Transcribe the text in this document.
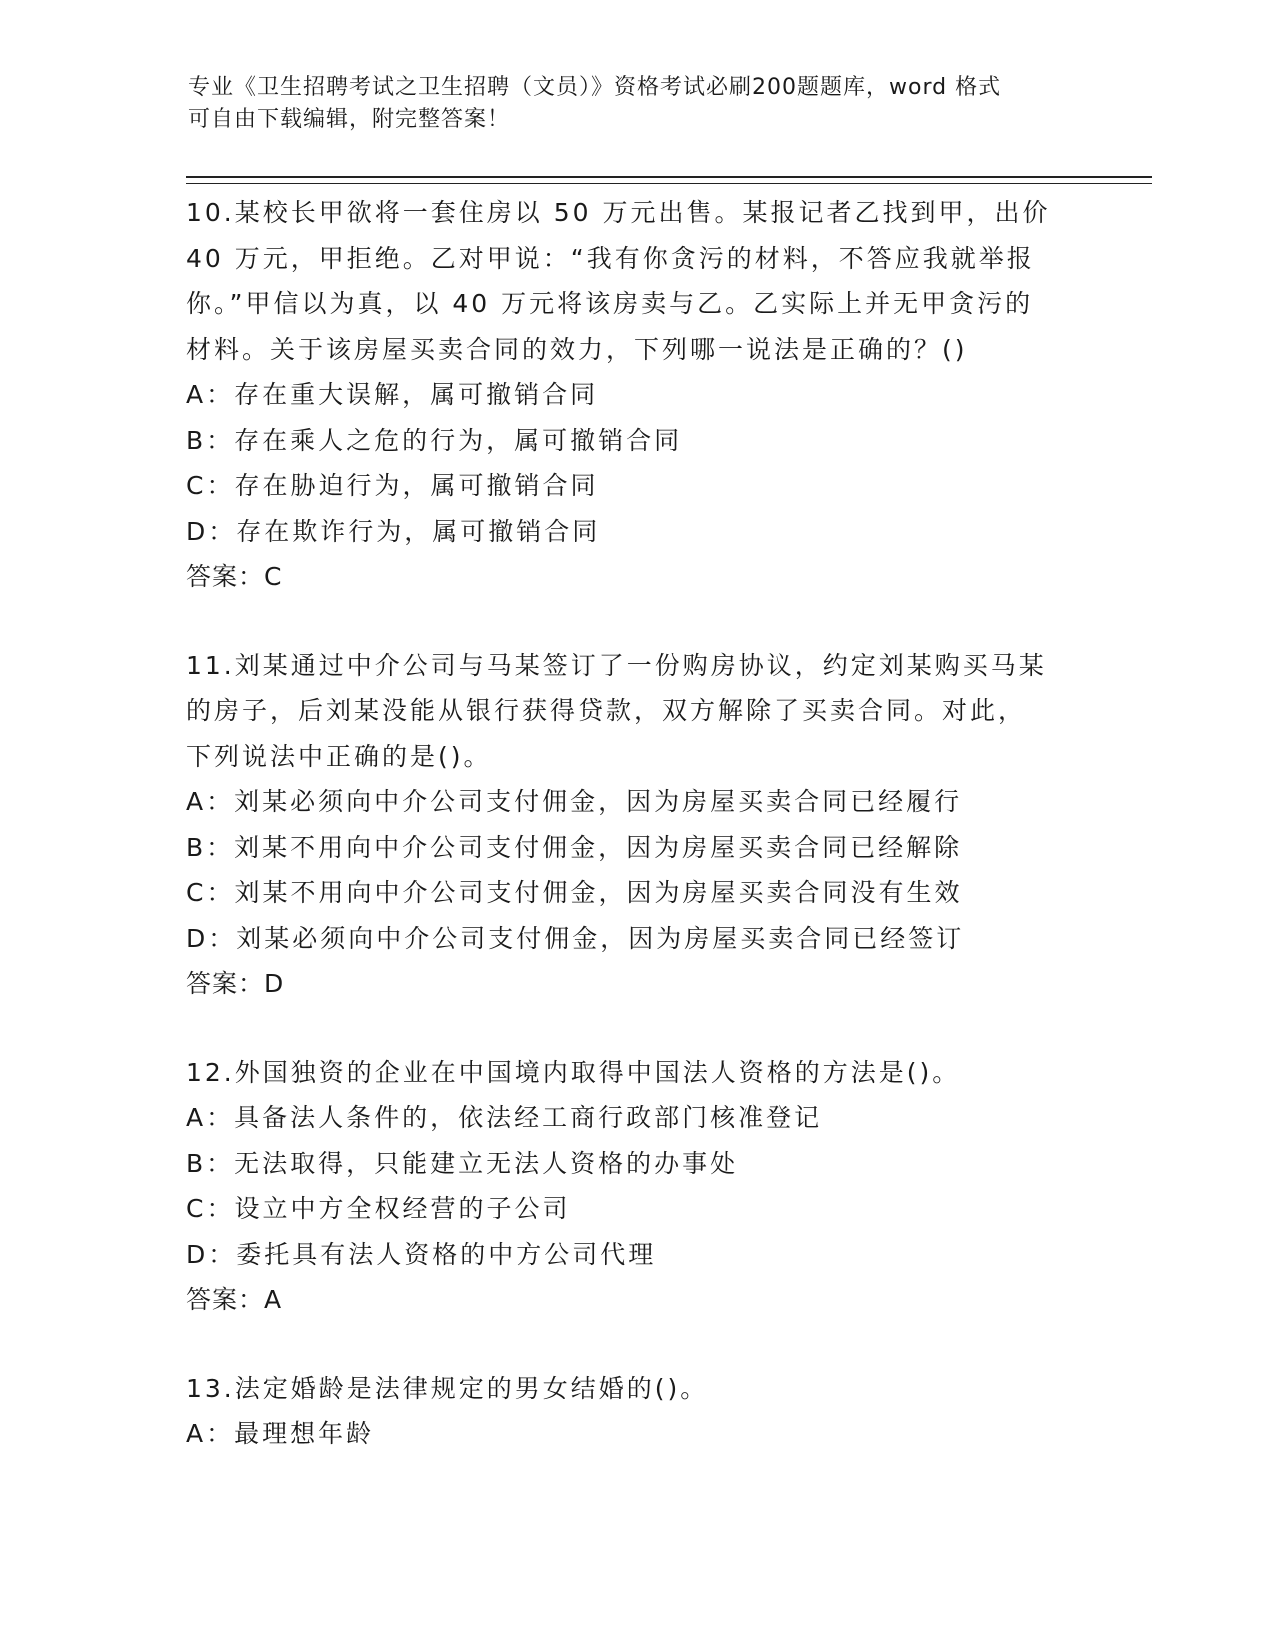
专业《卫生招聘考试之卫生招聘（文员）》资格考试必刷200题题库，word 格式
可自由下载编辑，附完整答案！
10.某校长甲欲将一套住房以 50 万元出售。某报记者乙找到甲，出价
40 万元，甲拒绝。乙对甲说：“我有你贪污的材料，不答应我就举报
你。”甲信以为真，以 40 万元将该房卖与乙。乙实际上并无甲贪污的
材料。关于该房屋买卖合同的效力，下列哪一说法是正确的？()
A：存在重大误解，属可撤销合同
B：存在乘人之危的行为，属可撤销合同
C：存在胁迫行为，属可撤销合同
D：存在欺诈行为，属可撤销合同
答案：C
11.刘某通过中介公司与马某签订了一份购房协议，约定刘某购买马某
的房子，后刘某没能从银行获得贷款，双方解除了买卖合同。对此，
下列说法中正确的是()。
A：刘某必须向中介公司支付佣金，因为房屋买卖合同已经履行
B：刘某不用向中介公司支付佣金，因为房屋买卖合同已经解除
C：刘某不用向中介公司支付佣金，因为房屋买卖合同没有生效
D：刘某必须向中介公司支付佣金，因为房屋买卖合同已经签订
答案：D
12.外国独资的企业在中国境内取得中国法人资格的方法是()。
A：具备法人条件的，依法经工商行政部门核准登记
B：无法取得，只能建立无法人资格的办事处
C：设立中方全权经营的子公司
D：委托具有法人资格的中方公司代理
答案：A
13.法定婚龄是法律规定的男女结婚的()。
A：最理想年龄
